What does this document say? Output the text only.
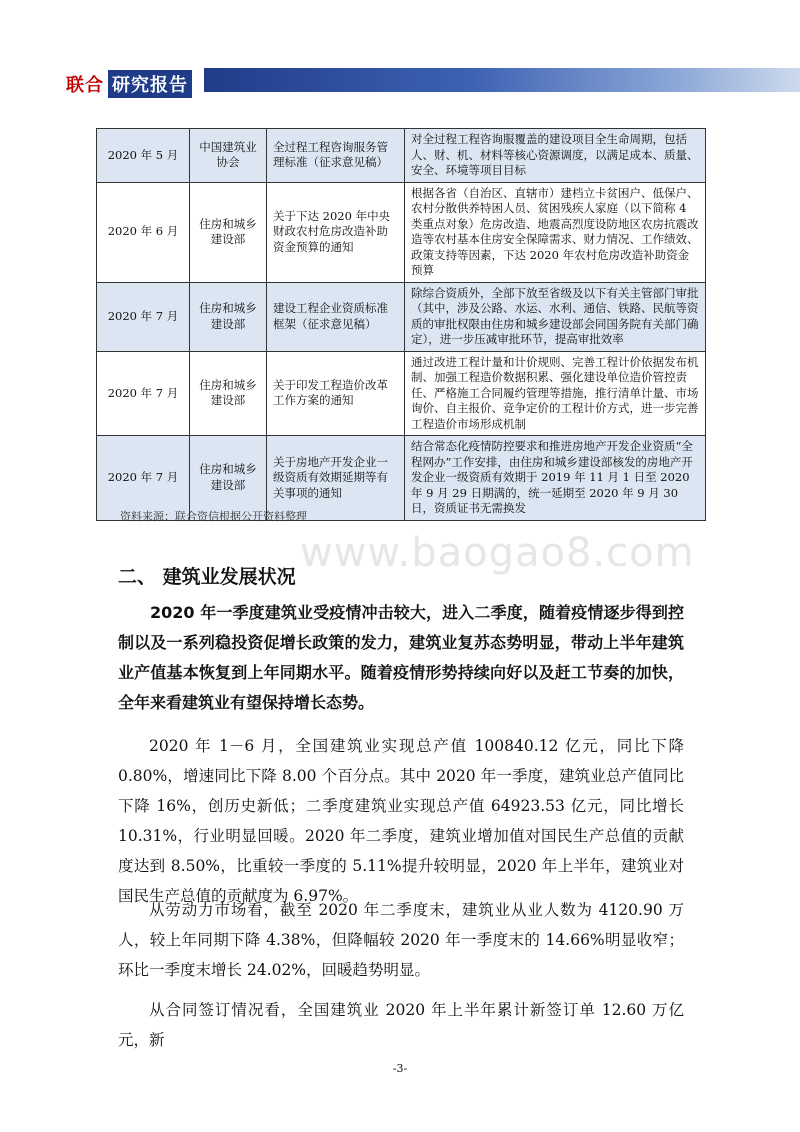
联合 研究报告
2020 年 5 月	中国建筑业协会	全过程工程咨询服务管理标准（征求意见稿）	对全过程工程咨询服覆盖的建设项目全生命周期，包括人、财、机、材料等核心资源调度，以满足成本、质量、安全、环境等项目目标
2020 年 6 月	住房和城乡建设部	关于下达 2020 年中央财政农村危房改造补助资金预算的通知	根据各省（自治区、直辖市）建档立卡贫困户、低保户、农村分散供养特困人员、贫困残疾人家庭（以下简称 4 类重点对象）危房改造、地震高烈度设防地区农房抗震改造等农村基本住房安全保障需求、财力情况、工作绩效、政策支持等因素，下达 2020 年农村危房改造补助资金预算
2020 年 7 月	住房和城乡建设部	建设工程企业资质标准框架（征求意见稿）	除综合资质外，全部下放至省级及以下有关主管部门审批（其中，涉及公路、水运、水利、通信、铁路、民航等资质的审批权限由住房和城乡建设部会同国务院有关部门确定），进一步压减审批环节，提高审批效率
2020 年 7 月	住房和城乡建设部	关于印发工程造价改革工作方案的通知	通过改进工程计量和计价规则、完善工程计价依据发布机制、加强工程造价数据积累、强化建设单位造价管控责任、严格施工合同履约管理等措施，推行清单计量、市场询价、自主报价、竞争定价的工程计价方式，进一步完善工程造价市场形成机制
2020 年 7 月	住房和城乡建设部	关于房地产开发企业一级资质有效期延期等有关事项的通知	结合常态化疫情防控要求和推进房地产开发企业资质“全程网办”工作安排，由住房和城乡建设部核发的房地产开发企业一级资质有效期于 2019 年 11 月 1 日至 2020 年 9 月 29 日期满的，统一延期至 2020 年 9 月 30 日，资质证书无需换发
资料来源：联合资信根据公开资料整理
www.baogao8.com
二、 建筑业发展状况

2020 年一季度建筑业受疫情冲击较大，进入二季度，随着疫情逐步得到控制以及一系列稳投资促增长政策的发力，建筑业复苏态势明显，带动上半年建筑业产值基本恢复到上年同期水平。随着疫情形势持续向好以及赶工节奏的加快，全年来看建筑业有望保持增长态势。

2020 年 1－6 月，全国建筑业实现总产值 100840.12 亿元，同比下降 0.80%，增速同比下降 8.00 个百分点。其中 2020 年一季度，建筑业总产值同比下降 16%，创历史新低；二季度建筑业实现总产值 64923.53 亿元，同比增长 10.31%，行业明显回暖。2020 年二季度，建筑业增加值对国民生产总值的贡献度达到 8.50%，比重较一季度的 5.11%提升较明显，2020 年上半年，建筑业对国民生产总值的贡献度为 6.97%。

从劳动力市场看，截至 2020 年二季度末，建筑业从业人数为 4120.90 万人，较上年同期下降 4.38%，但降幅较 2020 年一季度末的 14.66%明显收窄；环比一季度末增长 24.02%，回暖趋势明显。

从合同签订情况看，全国建筑业 2020 年上半年累计新签订单 12.60 万亿元，新

-3-
